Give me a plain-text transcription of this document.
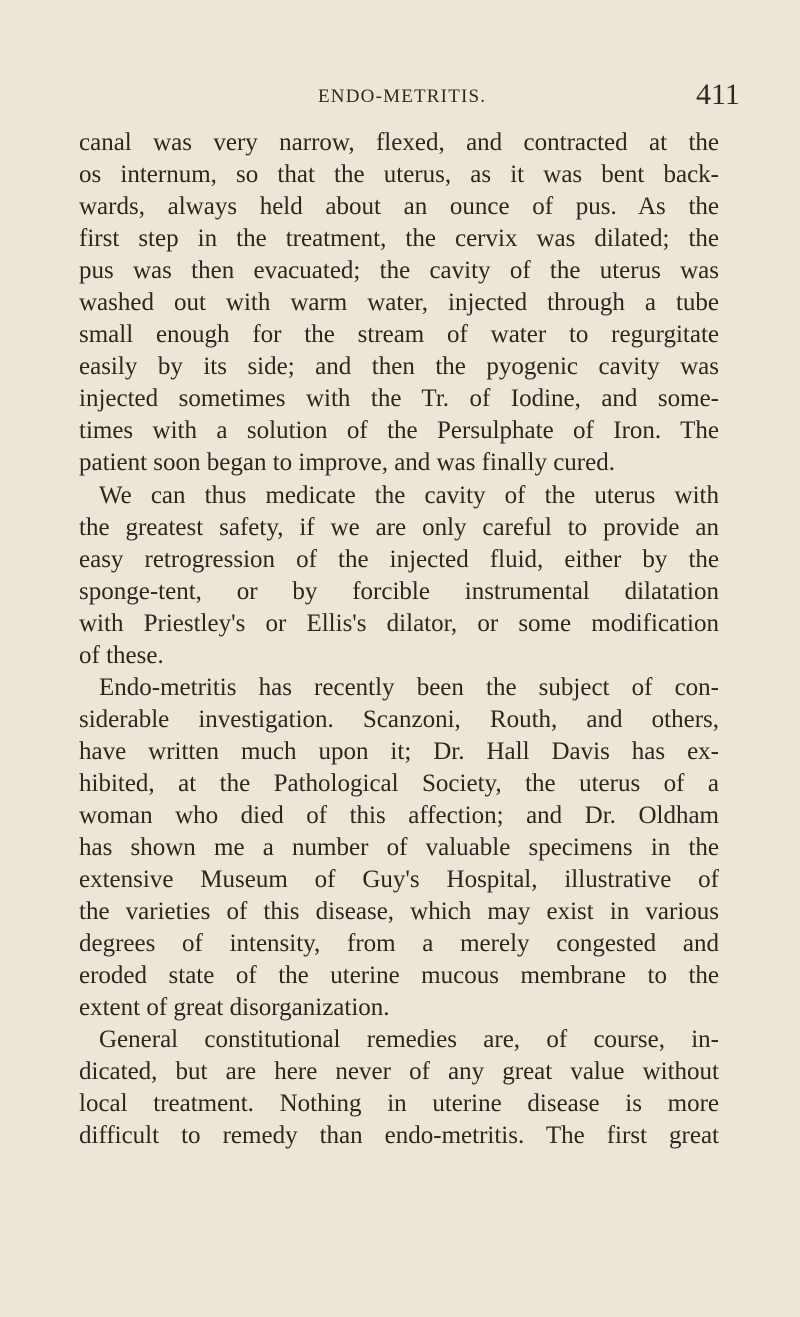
ENDO-METRITIS.	411
canal was very narrow, flexed, and contracted at the
os internum, so that the uterus, as it was bent back-
wards, always held about an ounce of pus. As the
first step in the treatment, the cervix was dilated; the
pus was then evacuated; the cavity of the uterus was
washed out with warm water, injected through a tube
small enough for the stream of water to regurgitate
easily by its side; and then the pyogenic cavity was
injected sometimes with the Tr. of Iodine, and some-
times with a solution of the Persulphate of Iron. The
patient soon began to improve, and was finally cured.
We can thus medicate the cavity of the uterus with
the greatest safety, if we are only careful to provide an
easy retrogression of the injected fluid, either by the
sponge-tent, or by forcible instrumental dilatation
with Priestley's or Ellis's dilator, or some modification
of these.
Endo-metritis has recently been the subject of con-
siderable investigation. Scanzoni, Routh, and others,
have written much upon it; Dr. Hall Davis has ex-
hibited, at the Pathological Society, the uterus of a
woman who died of this affection; and Dr. Oldham
has shown me a number of valuable specimens in the
extensive Museum of Guy's Hospital, illustrative of
the varieties of this disease, which may exist in various
degrees of intensity, from a merely congested and
eroded state of the uterine mucous membrane to the
extent of great disorganization.
General constitutional remedies are, of course, in-
dicated, but are here never of any great value without
local treatment. Nothing in uterine disease is more
difficult to remedy than endo-metritis. The first great
